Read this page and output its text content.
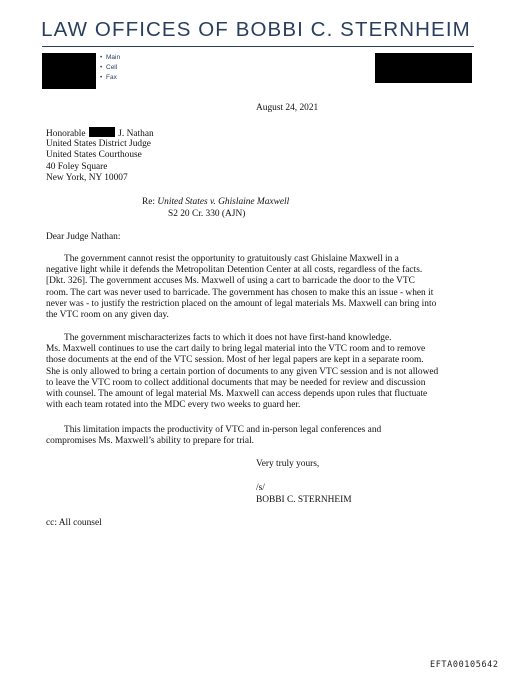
LAW OFFICES OF BOBBI C. STERNHEIM
• Main
• Cell
• Fax
August 24, 2021
Honorable	J. Nathan
United States District Judge
United States Courthouse
40 Foley Square
New York, NY 10007
Re: United States v. Ghislaine Maxwell
S2 20 Cr. 330 (AJN)
Dear Judge Nathan:
The government cannot resist the opportunity to gratuitously cast Ghislaine Maxwell in a
negative light while it defends the Metropolitan Detention Center at all costs, regardless of the facts.
[Dkt. 326]. The government accuses Ms. Maxwell of using a cart to barricade the door to the VTC
room. The cart was never used to barricade. The government has chosen to make this an issue - when it
never was - to justify the restriction placed on the amount of legal materials Ms. Maxwell can bring into
the VTC room on any given day.
The government mischaracterizes facts to which it does not have first-hand knowledge.
Ms. Maxwell continues to use the cart daily to bring legal material into the VTC room and to remove
those documents at the end of the VTC session. Most of her legal papers are kept in a separate room.
She is only allowed to bring a certain portion of documents to any given VTC session and is not allowed
to leave the VTC room to collect additional documents that may be needed for review and discussion
with counsel. The amount of legal material Ms. Maxwell can access depends upon rules that fluctuate
with each team rotated into the MDC every two weeks to guard her.
This limitation impacts the productivity of VTC and in-person legal conferences and
compromises Ms. Maxwell’s ability to prepare for trial.
Very truly yours,
/s/
BOBBI C. STERNHEIM
cc: All counsel
EFTA00105642
